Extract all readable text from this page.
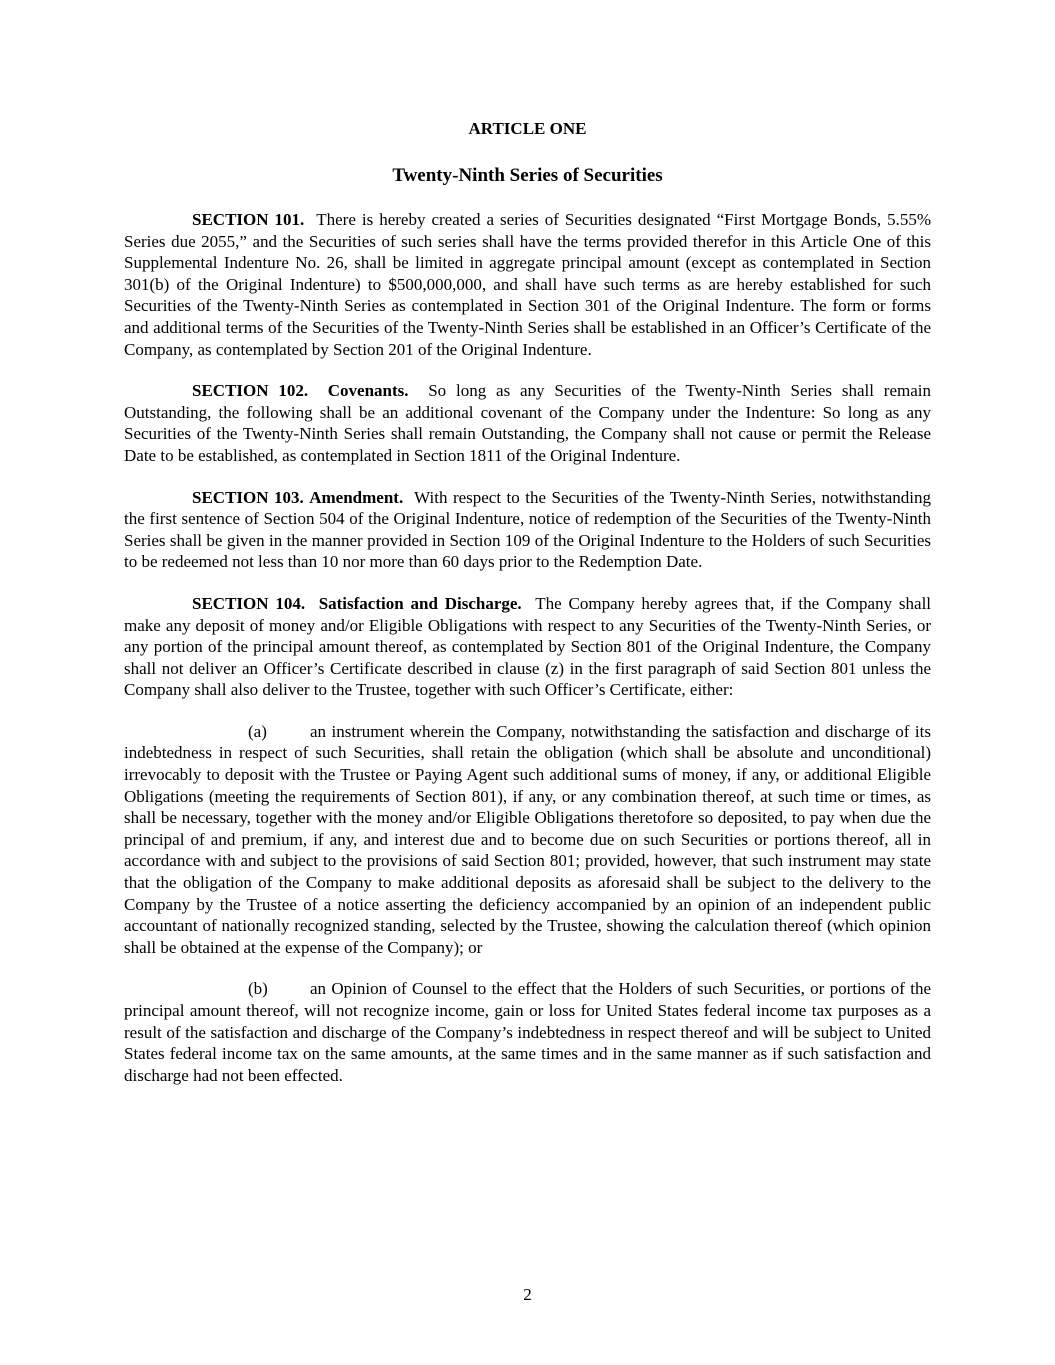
ARTICLE ONE
Twenty-Ninth Series of Securities

SECTION 101. There is hereby created a series of Securities designated “First Mortgage Bonds, 5.55% Series due 2055,” and the Securities of such series shall have the terms provided therefor in this Article One of this Supplemental Indenture No. 26, shall be limited in aggregate principal amount (except as contemplated in Section 301(b) of the Original Indenture) to $500,000,000, and shall have such terms as are hereby established for such Securities of the Twenty-Ninth Series as contemplated in Section 301 of the Original Indenture. The form or forms and additional terms of the Securities of the Twenty-Ninth Series shall be established in an Officer’s Certificate of the Company, as contemplated by Section 201 of the Original Indenture.

SECTION 102. Covenants. So long as any Securities of the Twenty-Ninth Series shall remain Outstanding, the following shall be an additional covenant of the Company under the Indenture: So long as any Securities of the Twenty-Ninth Series shall remain Outstanding, the Company shall not cause or permit the Release Date to be established, as contemplated in Section 1811 of the Original Indenture.

SECTION 103. Amendment. With respect to the Securities of the Twenty-Ninth Series, notwithstanding the first sentence of Section 504 of the Original Indenture, notice of redemption of the Securities of the Twenty-Ninth Series shall be given in the manner provided in Section 109 of the Original Indenture to the Holders of such Securities to be redeemed not less than 10 nor more than 60 days prior to the Redemption Date.

SECTION 104. Satisfaction and Discharge. The Company hereby agrees that, if the Company shall make any deposit of money and/or Eligible Obligations with respect to any Securities of the Twenty-Ninth Series, or any portion of the principal amount thereof, as contemplated by Section 801 of the Original Indenture, the Company shall not deliver an Officer’s Certificate described in clause (z) in the first paragraph of said Section 801 unless the Company shall also deliver to the Trustee, together with such Officer’s Certificate, either:

(a)	an instrument wherein the Company, notwithstanding the satisfaction and discharge of its indebtedness in respect of such Securities, shall retain the obligation (which shall be absolute and unconditional) irrevocably to deposit with the Trustee or Paying Agent such additional sums of money, if any, or additional Eligible Obligations (meeting the requirements of Section 801), if any, or any combination thereof, at such time or times, as shall be necessary, together with the money and/or Eligible Obligations theretofore so deposited, to pay when due the principal of and premium, if any, and interest due and to become due on such Securities or portions thereof, all in accordance with and subject to the provisions of said Section 801; provided, however, that such instrument may state that the obligation of the Company to make additional deposits as aforesaid shall be subject to the delivery to the Company by the Trustee of a notice asserting the deficiency accompanied by an opinion of an independent public accountant of nationally recognized standing, selected by the Trustee, showing the calculation thereof (which opinion shall be obtained at the expense of the Company); or

(b) an Opinion of Counsel to the effect that the Holders of such Securities, or portions of the principal amount thereof, will not recognize income, gain or loss for United States federal income tax purposes as a result of the satisfaction and discharge of the Company’s indebtedness in respect thereof and will be subject to United States federal income tax on the same amounts, at the same times and in the same manner as if such satisfaction and discharge had not been effected.

2
